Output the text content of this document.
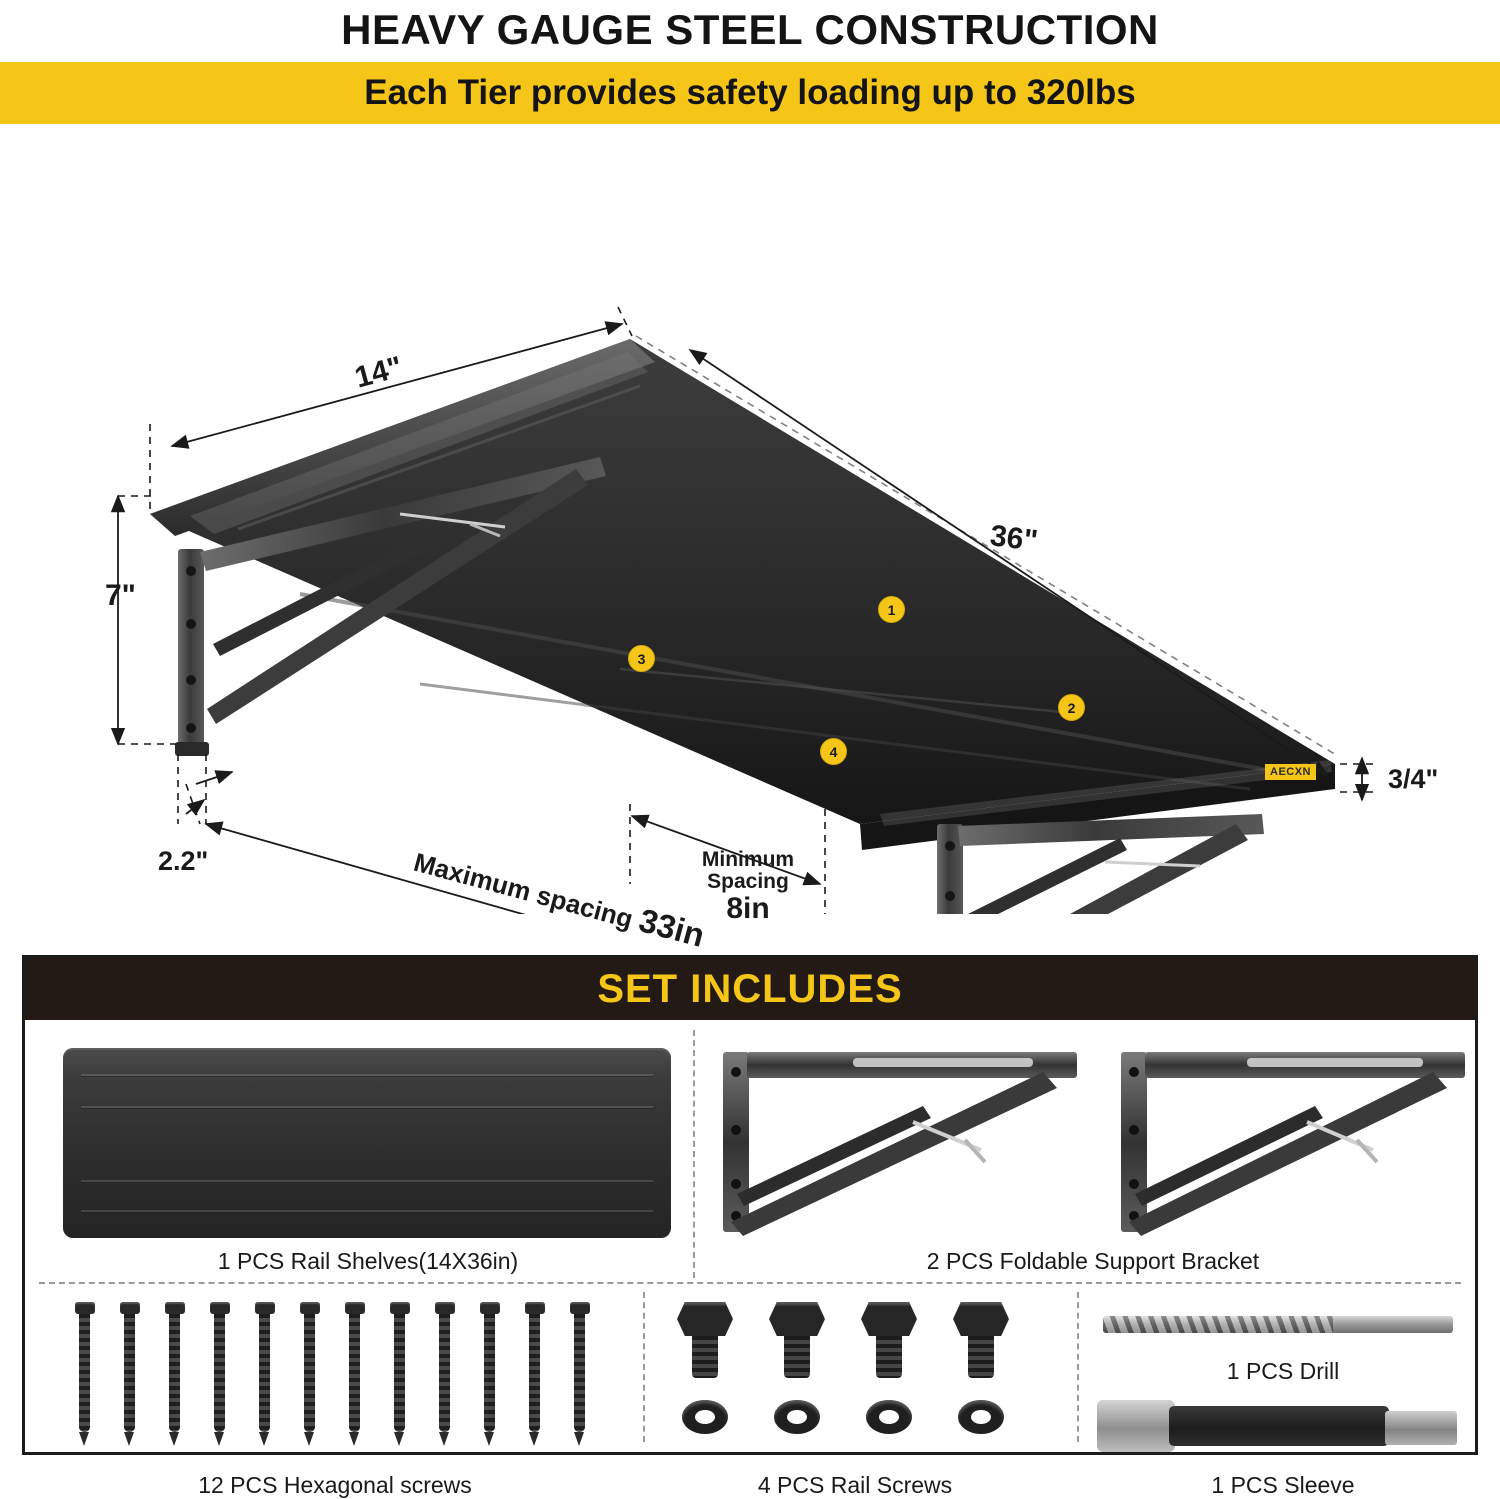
HEAVY GAUGE STEEL CONSTRUCTION
Each Tier provides safety loading up to 320lbs
14"
36"
7"
3/4"
2.2"	Minimum
Spacing
8in
Maximum spacing 33in
1
2
3
4
AECXN
SET INCLUDES
1 PCS Rail Shelves(14X36in)	2 PCS Foldable Support Bracket
12 PCS Hexagonal screws	4 PCS Rail Screws
1 PCS Drill
1 PCS Sleeve
